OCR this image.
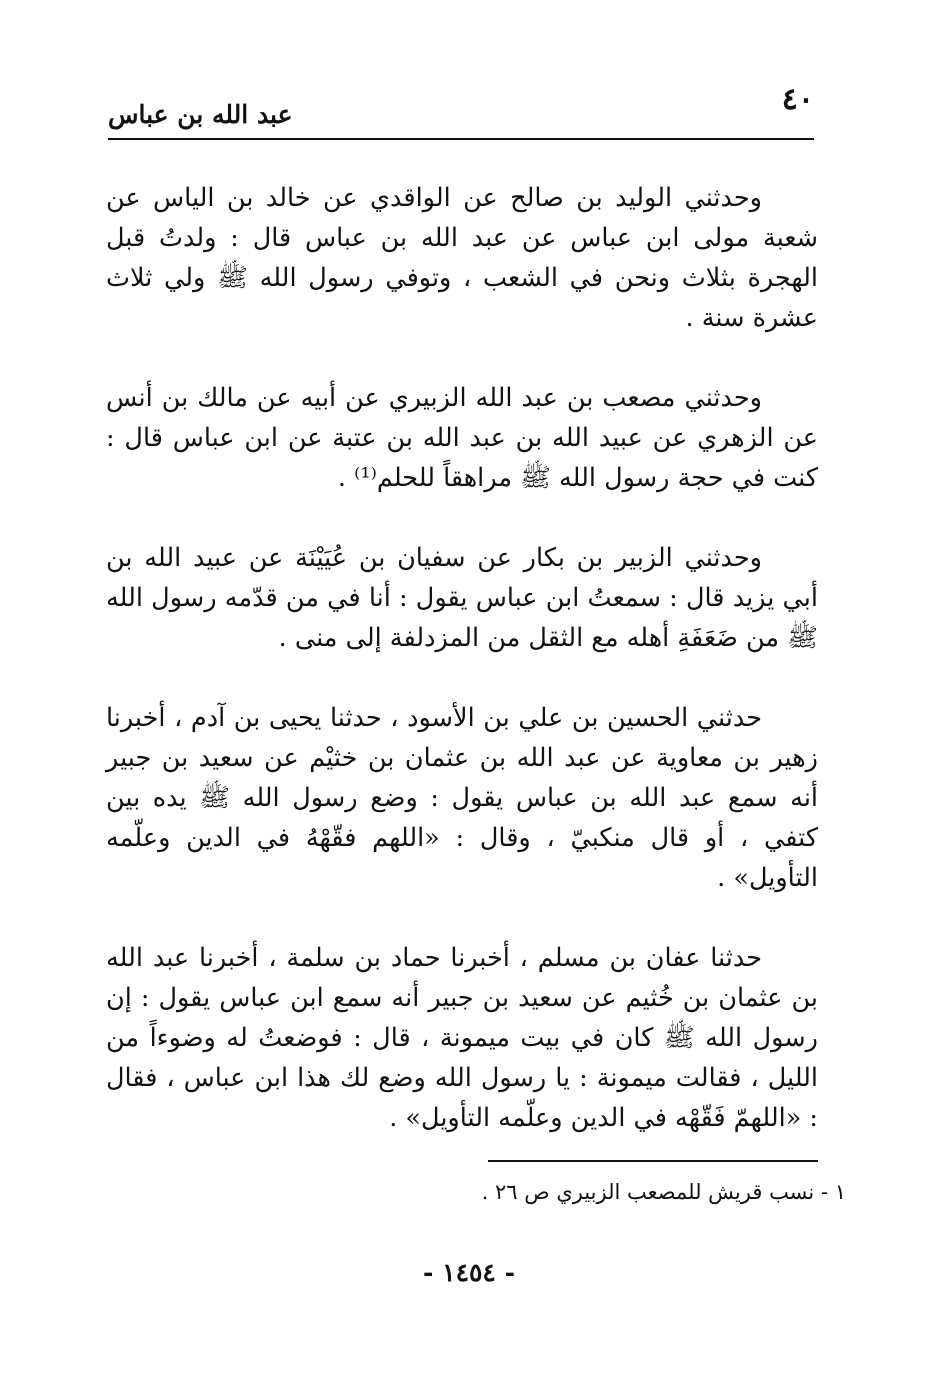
٤٠
عبد الله بن عباس

وحدثني الوليد بن صالح عن الواقدي عن خالد بن الياس عن شعبة مولى ابن عباس عن عبد الله بن عباس قال : ولدتُ قبل الهجرة بثلاث ونحن في الشعب ، وتوفي رسول الله ﷺ ولي ثلاث عشرة سنة .

وحدثني مصعب بن عبد الله الزبيري عن أبيه عن مالك بن أنس عن الزهري عن عبيد الله بن عبد الله بن عتبة عن ابن عباس قال : كنت في حجة رسول الله ﷺ مراهقاً للحلم⁽¹⁾ .

وحدثني الزبير بن بكار عن سفيان بن عُيَيْنَة عن عبيد الله بن أبي يزيد قال : سمعتُ ابن عباس يقول : أنا في من قدّمه رسول الله ﷺ من ضَعَفَةِ أهله مع الثقل من المزدلفة إلى منى .

حدثني الحسين بن علي بن الأسود ، حدثنا يحيى بن آدم ، أخبرنا زهير بن معاوية عن عبد الله بن عثمان بن خثيْم عن سعيد بن جبير أنه سمع عبد الله بن عباس يقول : وضع رسول الله ﷺ يده بين كتفي ، أو قال منكبيّ ، وقال : «اللهم فقّهْهُ في الدين وعلّمه التأويل» .

حدثنا عفان بن مسلم ، أخبرنا حماد بن سلمة ، أخبرنا عبد الله بن عثمان بن خُثيم عن سعيد بن جبير أنه سمع ابن عباس يقول : إن رسول الله ﷺ كان في بيت ميمونة ، قال : فوضعتُ له وضوءاً من الليل ، فقالت ميمونة : يا رسول الله وضع لك هذا ابن عباس ، فقال : «اللهمّ فَقّهْه في الدين وعلّمه التأويل» .

١ - نسب قريش للمصعب الزبيري ص ٢٦ .
- ١٤٥٤ -
